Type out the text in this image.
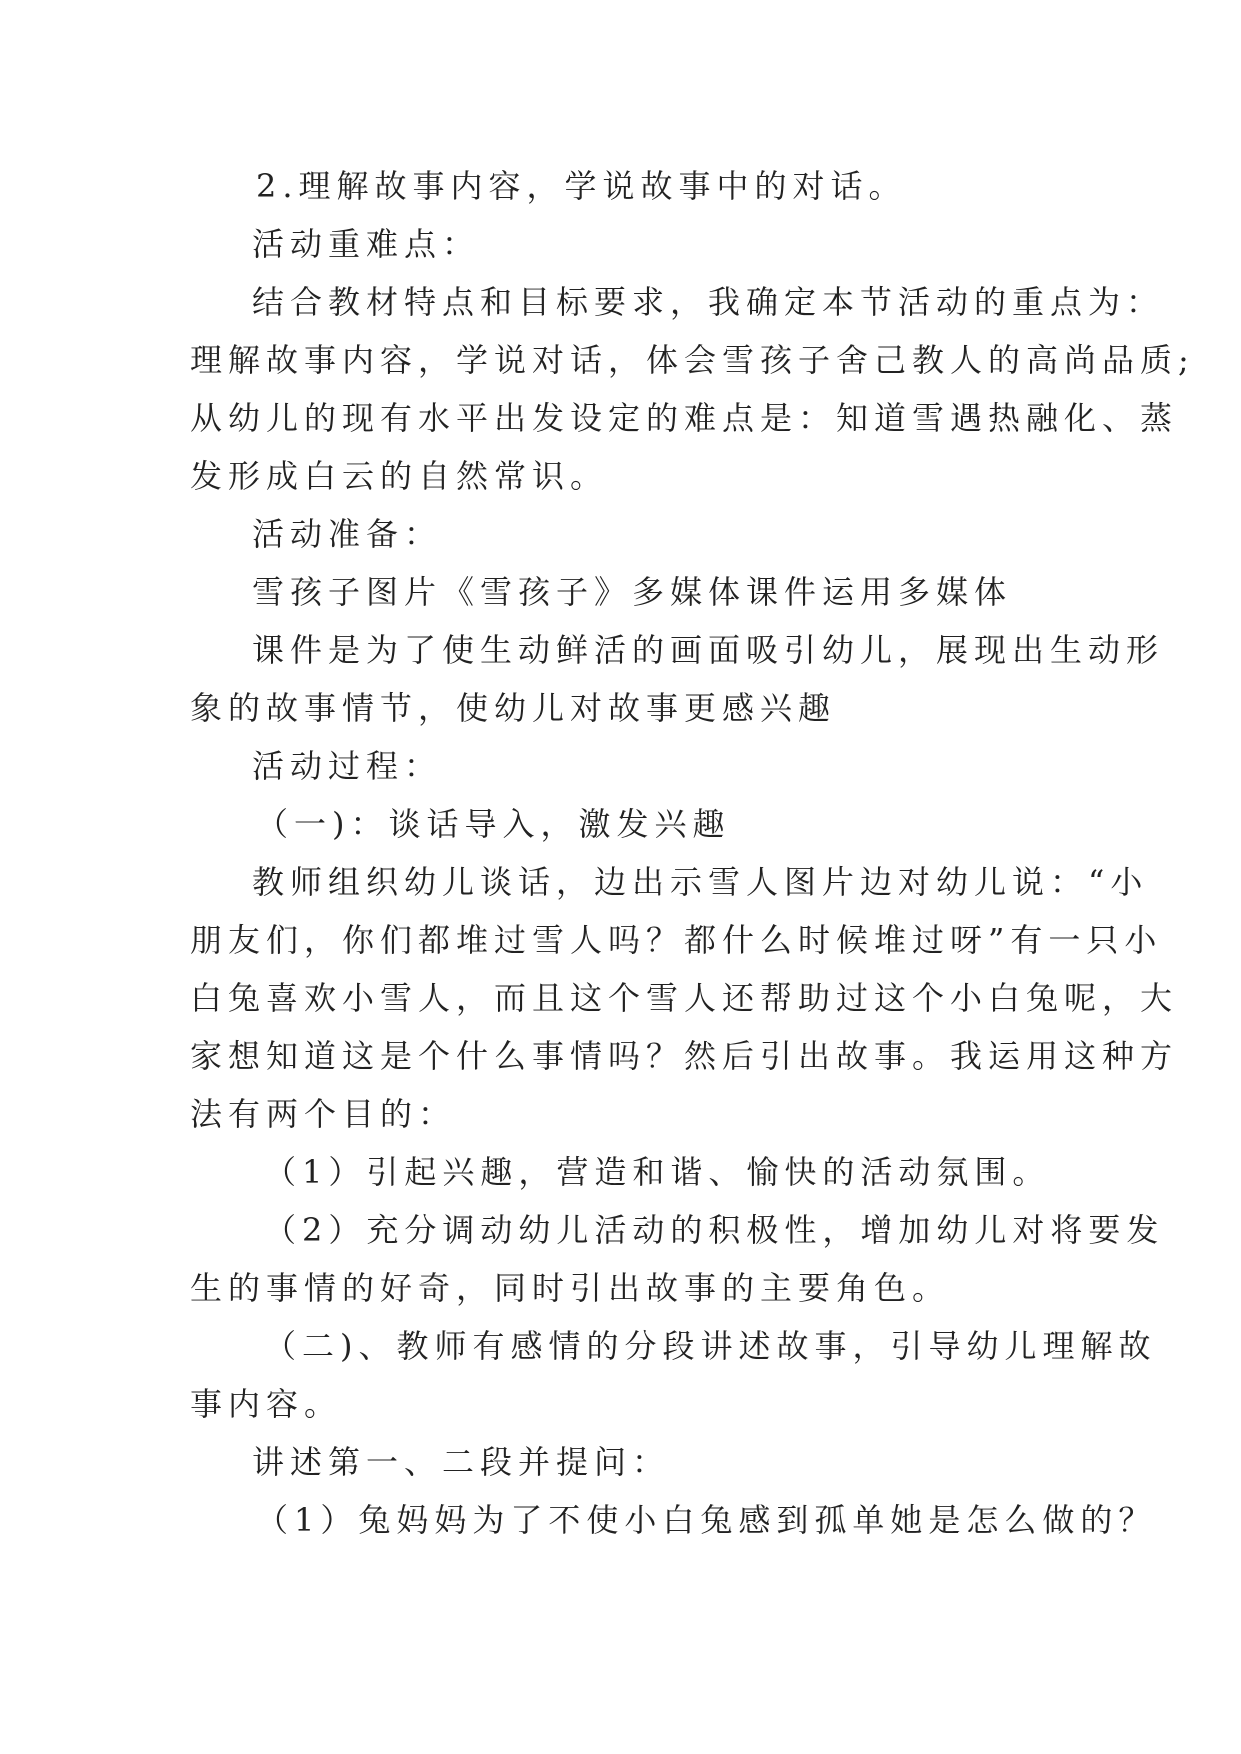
2.理解故事内容，学说故事中的对话。
活动重难点：
结合教材特点和目标要求，我确定本节活动的重点为：
理解故事内容，学说对话，体会雪孩子舍己教人的高尚品质;
从幼儿的现有水平出发设定的难点是：知道雪遇热融化、蒸
发形成白云的自然常识。
活动准备：
雪孩子图片《雪孩子》多媒体课件运用多媒体
课件是为了使生动鲜活的画面吸引幼儿，展现出生动形
象的故事情节，使幼儿对故事更感兴趣
活动过程：
（一)：谈话导入，激发兴趣
教师组织幼儿谈话，边出示雪人图片边对幼儿说：“小
朋友们，你们都堆过雪人吗？都什么时候堆过呀”有一只小
白兔喜欢小雪人，而且这个雪人还帮助过这个小白兔呢，大
家想知道这是个什么事情吗？然后引出故事。我运用这种方
法有两个目的：
（1）引起兴趣，营造和谐、愉快的活动氛围。
（2）充分调动幼儿活动的积极性，增加幼儿对将要发
生的事情的好奇，同时引出故事的主要角色。
（二)、教师有感情的分段讲述故事，引导幼儿理解故
事内容。
讲述第一、二段并提问：
（1）兔妈妈为了不使小白兔感到孤单她是怎么做的？
